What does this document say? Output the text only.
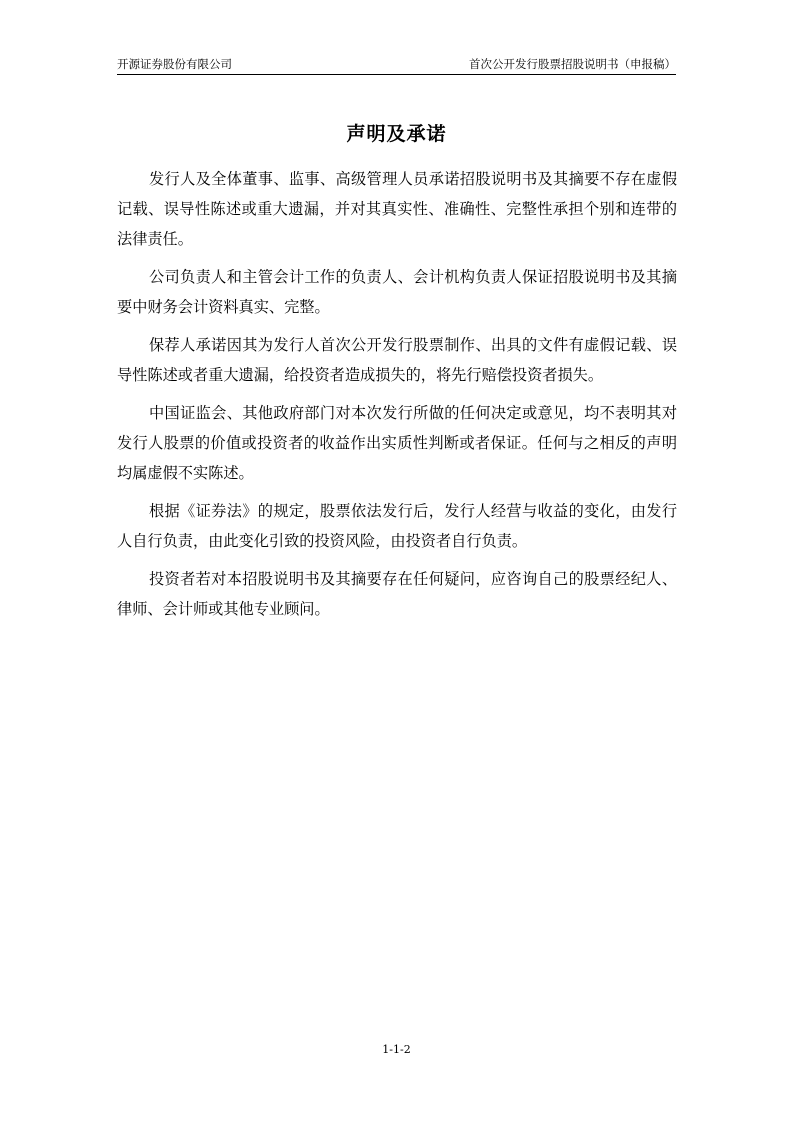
开源证券股份有限公司	首次公开发行股票招股说明书（申报稿）
声明及承诺

发行人及全体董事、监事、高级管理人员承诺招股说明书及其摘要不存在虚假记载、误导性陈述或重大遗漏，并对其真实性、准确性、完整性承担个别和连带的法律责任。

公司负责人和主管会计工作的负责人、会计机构负责人保证招股说明书及其摘要中财务会计资料真实、完整。

保荐人承诺因其为发行人首次公开发行股票制作、出具的文件有虚假记载、误导性陈述或者重大遗漏，给投资者造成损失的，将先行赔偿投资者损失。

中国证监会、其他政府部门对本次发行所做的任何决定或意见，均不表明其对发行人股票的价值或投资者的收益作出实质性判断或者保证。任何与之相反的声明均属虚假不实陈述。

根据《证券法》的规定，股票依法发行后，发行人经营与收益的变化，由发行人自行负责，由此变化引致的投资风险，由投资者自行负责。

投资者若对本招股说明书及其摘要存在任何疑问，应咨询自己的股票经纪人、律师、会计师或其他专业顾问。

1-1-2
